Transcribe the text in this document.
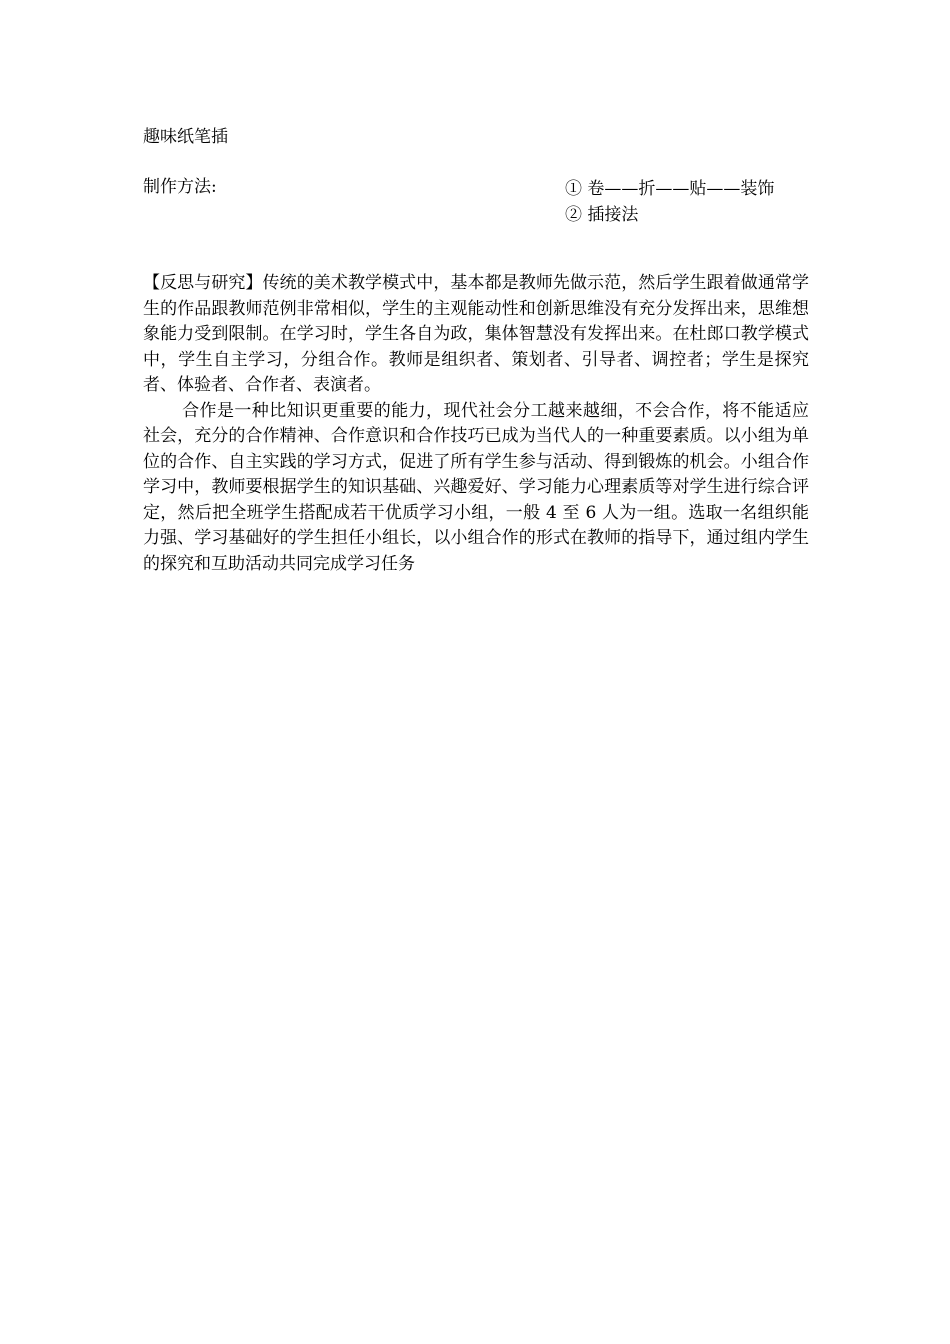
趣味纸笔插
制作方法:	① 卷——折——贴——装饰
② 插接法

【反思与研究】传统的美术教学模式中，基本都是教师先做示范，然后学生跟着做通常学生的作品跟教师范例非常相似，学生的主观能动性和创新思维没有充分发挥出来，思维想象能力受到限制。在学习时，学生各自为政，集体智慧没有发挥出来。在杜郎口教学模式中，学生自主学习，分组合作。教师是组织者、策划者、引导者、调控者；学生是探究者、体验者、合作者、表演者。

合作是一种比知识更重要的能力，现代社会分工越来越细，不会合作，将不能适应社会，充分的合作精神、合作意识和合作技巧已成为当代人的一种重要素质。以小组为单位的合作、自主实践的学习方式，促进了所有学生参与活动、得到锻炼的机会。小组合作学习中，教师要根据学生的知识基础、兴趣爱好、学习能力心理素质等对学生进行综合评定，然后把全班学生搭配成若干优质学习小组，一般 4 至 6 人为一组。选取一名组织能力强、学习基础好的学生担任小组长，以小组合作的形式在教师的指导下，通过组内学生的探究和互助活动共同完成学习任务
